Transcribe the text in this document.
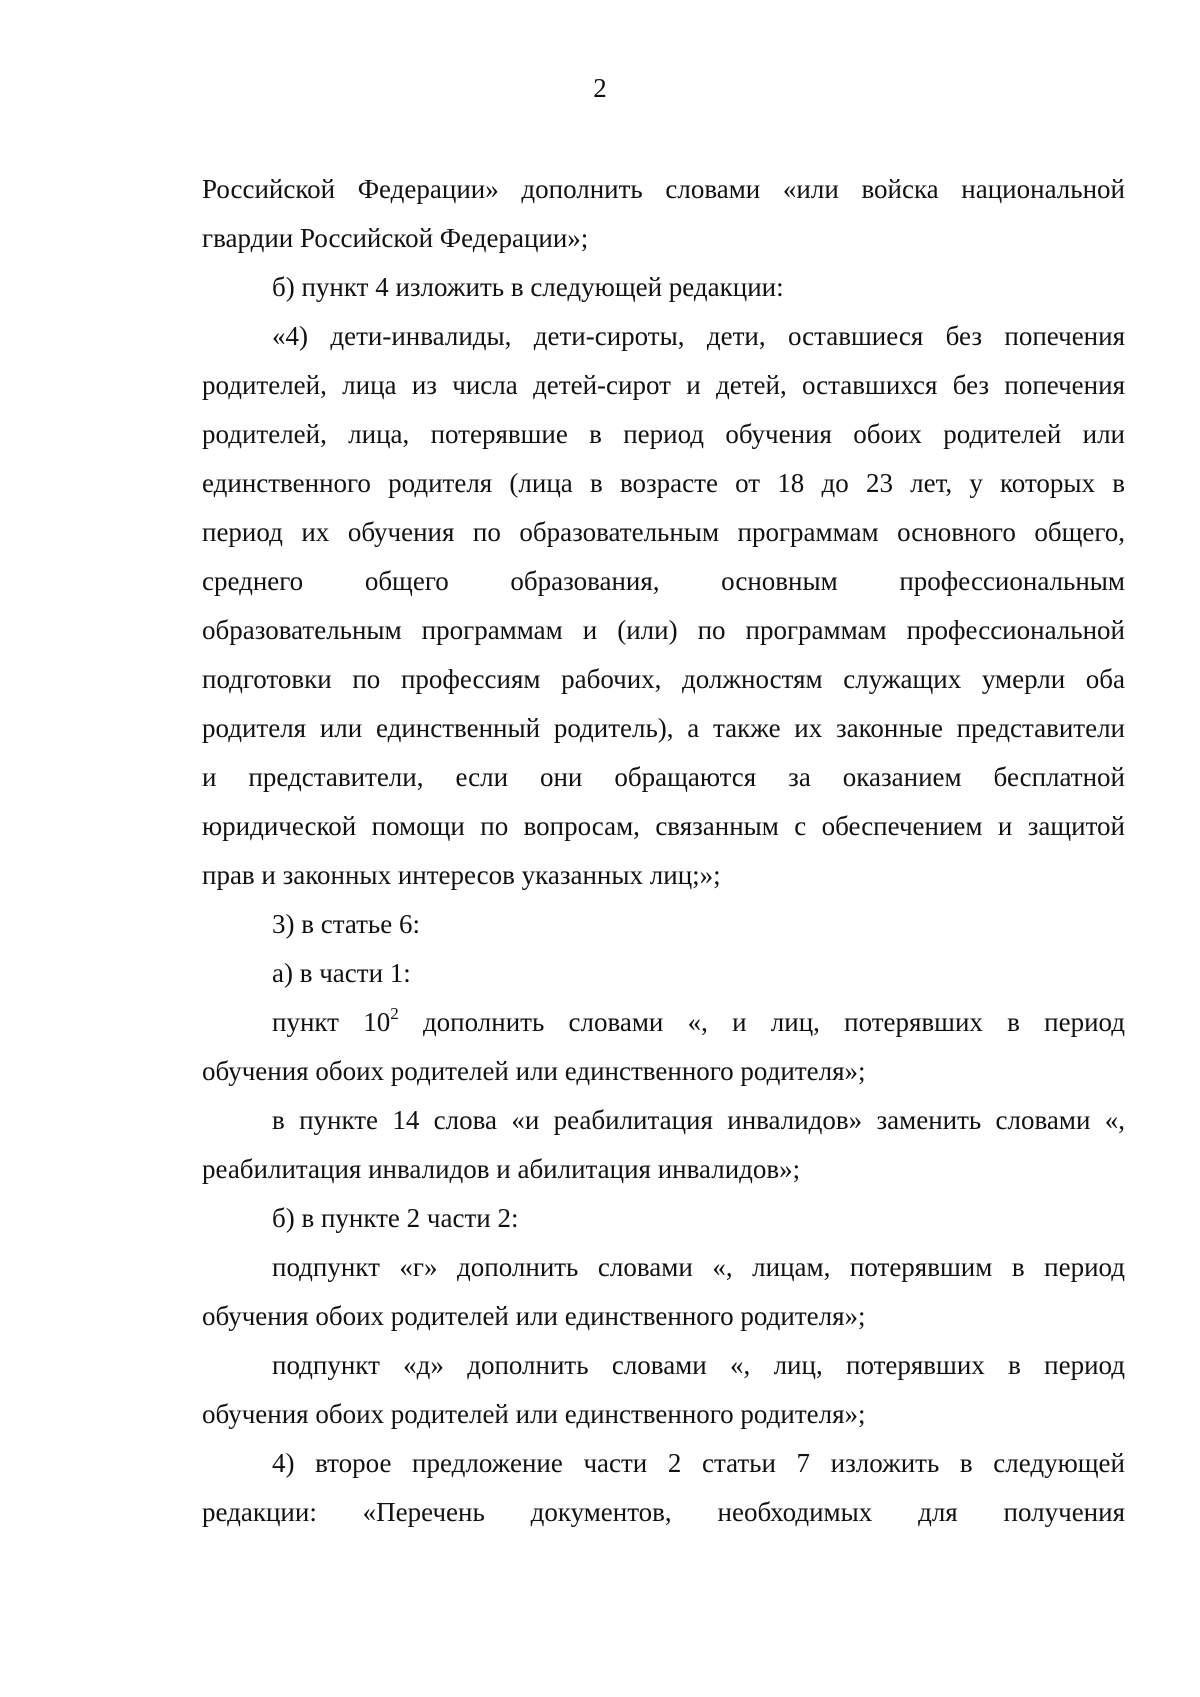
2
Российской Федерации» дополнить словами «или войска национальной
гвардии Российской Федерации»;
б) пункт 4 изложить в следующей редакции:
«4) дети-инвалиды, дети-сироты, дети, оставшиеся без попечения
родителей, лица из числа детей-сирот и детей, оставшихся без попечения
родителей, лица, потерявшие в период обучения обоих родителей или
единственного родителя (лица в возрасте от 18 до 23 лет, у которых в
период их обучения по образовательным программам основного общего,
среднего общего образования, основным профессиональным
образовательным программам и (или) по программам профессиональной
подготовки по профессиям рабочих, должностям служащих умерли оба
родителя или единственный родитель), а также их законные представители
и представители, если они обращаются за оказанием бесплатной
юридической помощи по вопросам, связанным с обеспечением и защитой
прав и законных интересов указанных лиц;»;
3) в статье 6:
а) в части 1:
пункт $10^2$ дополнить словами «, и лиц, потерявших в период
обучения обоих родителей или единственного родителя»;
в пункте 14 слова «и реабилитация инвалидов» заменить словами «,
реабилитация инвалидов и абилитация инвалидов»;
б) в пункте 2 части 2:
подпункт «г» дополнить словами «, лицам, потерявшим в период
обучения обоих родителей или единственного родителя»;
подпункт «д» дополнить словами «, лиц, потерявших в период
обучения обоих родителей или единственного родителя»;
4) второе предложение части 2 статьи 7 изложить в следующей
редакции: «Перечень документов, необходимых для получения
